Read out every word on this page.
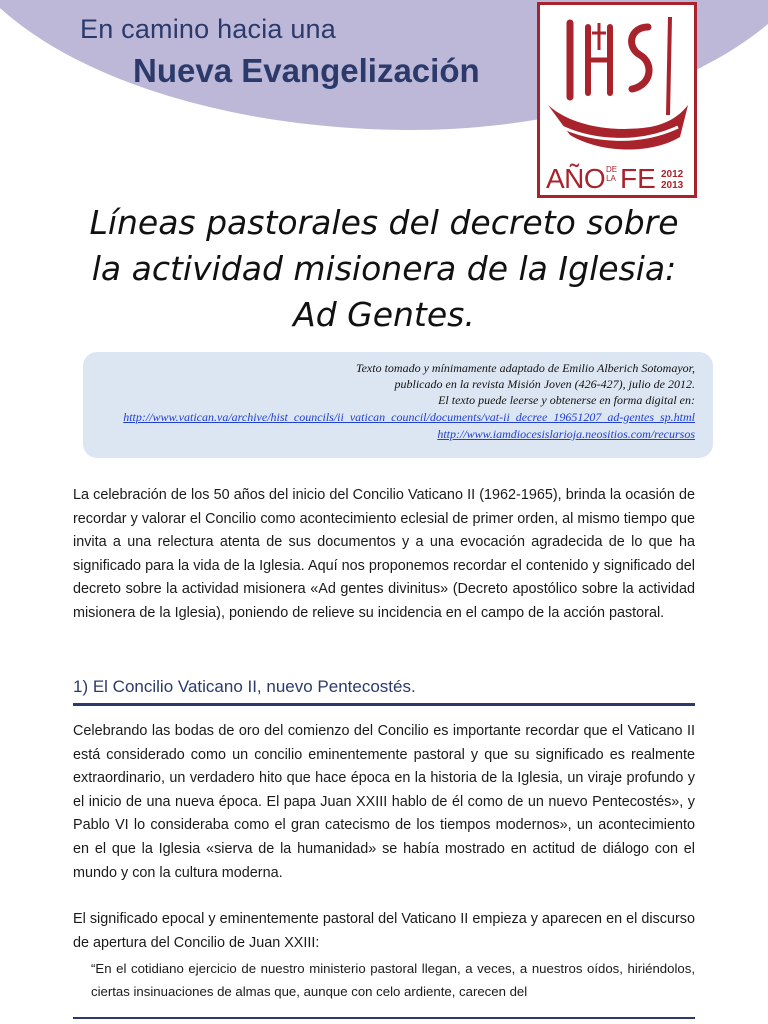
En camino hacia una
Nueva Evangelización
AÑO DE LA FE 2012
2013
Líneas pastorales del decreto sobre
la actividad misionera de la Iglesia:
Ad Gentes.
Texto tomado y mínimamente adaptado de Emilio Alberich Sotomayor,
publicado en la revista Misión Joven (426-427), julio de 2012.
El texto puede leerse y obtenerse en forma digital en:
http://www.vatican.va/archive/hist_councils/ii_vatican_council/documents/vat-ii_decree_19651207_ad-gentes_sp.html
http://www.iamdiocesislarioja.neositios.com/recursos
La celebración de los 50 años del inicio del Concilio Vaticano II (1962-1965), brinda la ocasión de recordar y valorar el Concilio como acontecimiento eclesial de primer orden, al mismo tiempo que invita a una relectura atenta de sus documentos y a una evocación agradecida de lo que ha significado para la vida de la Iglesia. Aquí nos proponemos recordar el contenido y significado del decreto sobre la actividad misionera «Ad gentes divinitus» (Decreto apostólico sobre la actividad misionera de la Iglesia), poniendo de relieve su incidencia en el campo de la acción pastoral.
1) El Concilio Vaticano II, nuevo Pentecostés.
Celebrando las bodas de oro del comienzo del Concilio es importante recordar que el Vaticano II está considerado como un concilio eminentemente pastoral y que su significado es realmente extraordinario, un verdadero hito que hace época en la historia de la Iglesia, un viraje profundo y el inicio de una nueva época. El papa Juan XXIII hablo de él como de un nuevo Pentecostés», y Pablo VI lo consideraba como el gran catecismo de los tiempos modernos», un acontecimiento en el que la Iglesia «sierva de la humanidad» se había mostrado en actitud de diálogo con el mundo y con la cultura moderna.
El significado epocal y eminentemente pastoral del Vaticano II empieza y aparecen en el discurso de apertura del Concilio de Juan XXIII:
“En el cotidiano ejercicio de nuestro ministerio pastoral llegan, a veces, a nuestros oídos, hiriéndolos, ciertas insinuaciones de almas que, aunque con celo ardiente, carecen del
